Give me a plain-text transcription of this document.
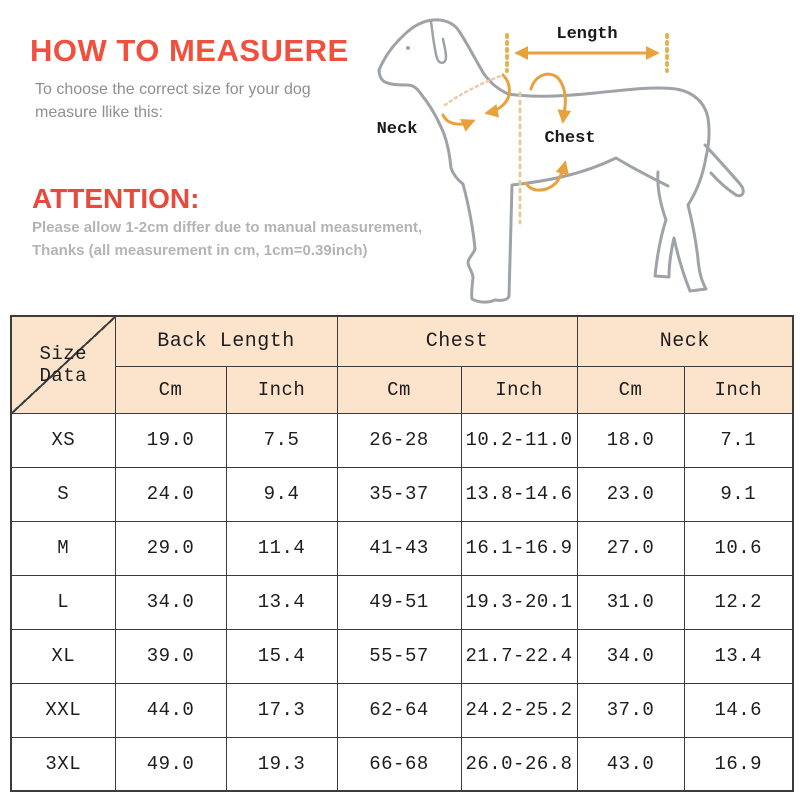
HOW TO MEASUERE

To choose the correct size for your dog
measure llike this:

ATTENTION:

Please allow 1-2cm differ due to manual measurement,
Thanks (all measurement in cm, 1cm=0.39inch)

Length
Neck	Chest
Size Data	Back Length		Chest		Neck	
	Cm	Inch	Cm	Inch	Cm	Inch
XS	19.0	7.5	26-28	10.2-11.0	18.0	7.1
S	24.0	9.4	35-37	13.8-14.6	23.0	9.1
M	29.0	11.4	41-43	16.1-16.9	27.0	10.6
L	34.0	13.4	49-51	19.3-20.1	31.0	12.2
XL	39.0	15.4	55-57	21.7-22.4	34.0	13.4
XXL	44.0	17.3	62-64	24.2-25.2	37.0	14.6
3XL	49.0	19.3	66-68	26.0-26.8	43.0	16.9
